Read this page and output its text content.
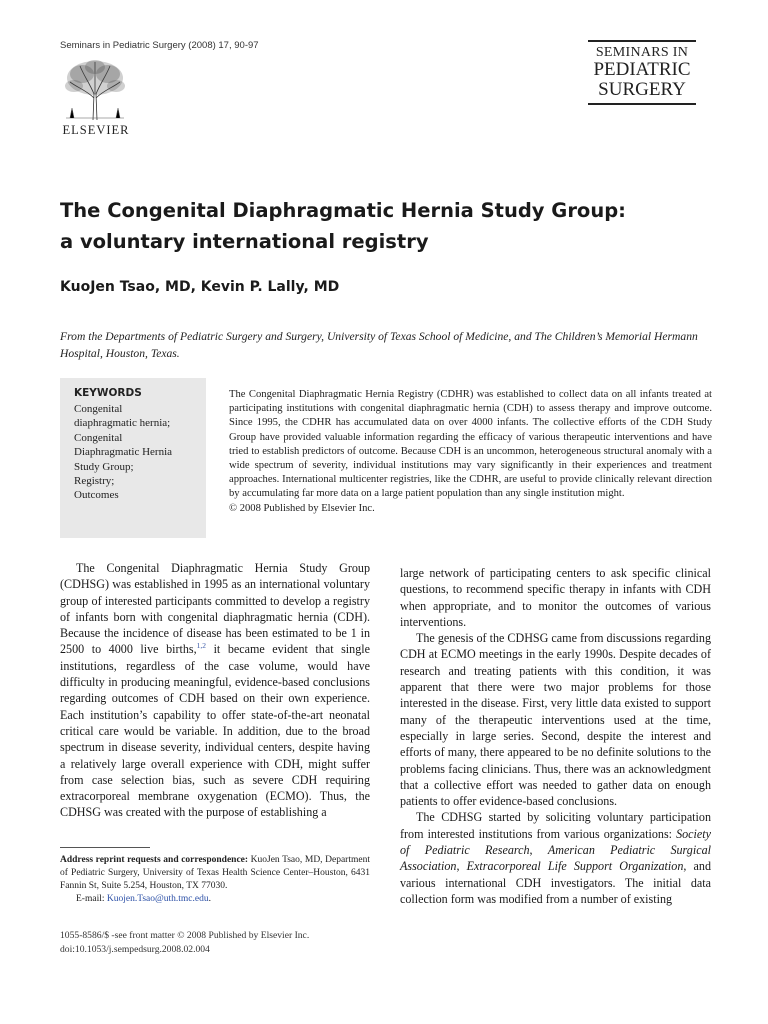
Seminars in Pediatric Surgery (2008) 17, 90-97
ELSEVIER
SEMINARS IN
PEDIATRIC
SURGERY
The Congenital Diaphragmatic Hernia Study Group:
a voluntary international registry
KuoJen Tsao, MD, Kevin P. Lally, MD
From the Departments of Pediatric Surgery and Surgery, University of Texas School of Medicine, and The Children’s Memorial Hermann Hospital, Houston, Texas.
KEYWORDS
Congenital
diaphragmatic hernia;
Congenital
Diaphragmatic Hernia
Study Group;
Registry;
Outcomes
The Congenital Diaphragmatic Hernia Registry (CDHR) was established to collect data on all infants treated at participating institutions with congenital diaphragmatic hernia (CDH) to assess therapy and improve outcome. Since 1995, the CDHR has accumulated data on over 4000 infants. The collective efforts of the CDH Study Group have provided valuable information regarding the efficacy of various therapeutic interventions and have tried to establish predictors of outcome. Because CDH is an uncommon, heterogeneous structural anomaly with a wide spectrum of severity, individual institutions may vary significantly in their experiences and treatment approaches. International multicenter registries, like the CDHR, are useful to provide clinically relevant direction by accumulating far more data on a large patient population than any single institution might.
© 2008 Published by Elsevier Inc.

The Congenital Diaphragmatic Hernia Study Group (CDHSG) was established in 1995 as an international voluntary group of interested participants committed to develop a registry of infants born with congenital diaphragmatic hernia (CDH). Because the incidence of disease has been estimated to be 1 in 2500 to 4000 live births,$^{1,2}$ it became evident that single institutions, regardless of the case volume, would have difficulty in producing meaningful, evidence-based conclusions regarding outcomes of CDH based on their own experience. Each institution’s capability to offer state-of-the-art neonatal critical care would be variable. In addition, due to the broad spectrum in disease severity, individual centers, despite having a relatively large overall experience with CDH, might suffer from case selection bias, such as severe CDH requiring extracorporeal membrane oxygenation (ECMO). Thus, the CDHSG was created with the purpose of establishing a

large network of participating centers to ask specific clinical questions, to recommend specific therapy in infants with CDH when appropriate, and to monitor the outcomes of various interventions.

The genesis of the CDHSG came from discussions regarding CDH at ECMO meetings in the early 1990s. Despite decades of research and treating patients with this condition, it was apparent that there were two major problems for those interested in the disease. First, very little data existed to support many of the therapeutic interventions used at the time, especially in large series. Second, despite the interest and efforts of many, there appeared to be no definite solutions to the problems facing clinicians. Thus, there was an acknowledgment that a collective effort was needed to gather data on enough patients to offer evidence-based conclusions.

The CDHSG started by soliciting voluntary participation from interested institutions from various organizations: Society of Pediatric Research, American Pediatric Surgical Association, Extracorporeal Life Support Organization, and various international CDH investigators. The initial data collection form was modified from a number of existing

Address reprint requests and correspondence: KuoJen Tsao, MD, Department of Pediatric Surgery, University of Texas Health Science Center–Houston, 6431 Fannin St, Suite 5.254, Houston, TX 77030.
E-mail: Kuojen.Tsao@uth.tmc.edu.
1055-8586/$ -see front matter © 2008 Published by Elsevier Inc.
doi:10.1053/j.sempedsurg.2008.02.004
